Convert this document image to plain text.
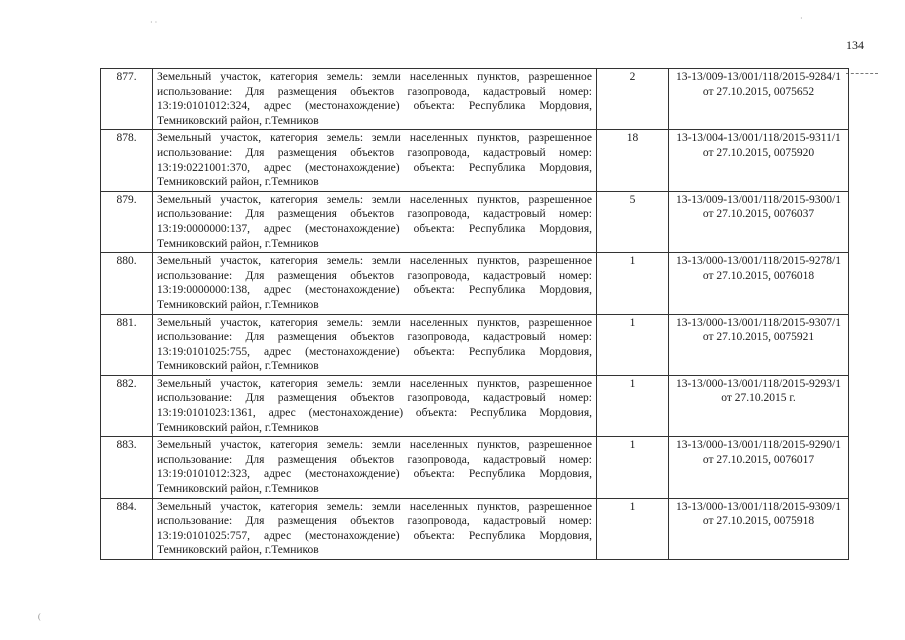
134
· ·	·
(
877.	Земельный участок, категория земель: земли населенных пунктов, разрешенное использование: Для размещения объектов газопровода, кадастровый номер: 13:19:0101012:324, адрес (местонахождение) объекта: Республика Мордовия, Темниковский район, г.Темников	2	13-13/009-13/001/118/2015-9284/1 от 27.10.2015, 0075652
878.	Земельный участок, категория земель: земли населенных пунктов, разрешенное использование: Для размещения объектов газопровода, кадастровый номер: 13:19:0221001:370, адрес (местонахождение) объекта: Республика Мордовия, Темниковский район, г.Темников	18	13-13/004-13/001/118/2015-9311/1 от 27.10.2015, 0075920
879.	Земельный участок, категория земель: земли населенных пунктов, разрешенное использование: Для размещения объектов газопровода, кадастровый номер: 13:19:0000000:137, адрес (местонахождение) объекта: Республика Мордовия, Темниковский район, г.Темников	5	13-13/009-13/001/118/2015-9300/1 от 27.10.2015, 0076037
880.	Земельный участок, категория земель: земли населенных пунктов, разрешенное использование: Для размещения объектов газопровода, кадастровый номер: 13:19:0000000:138, адрес (местонахождение) объекта: Республика Мордовия, Темниковский район, г.Темников	1	13-13/000-13/001/118/2015-9278/1 от 27.10.2015, 0076018
881.	Земельный участок, категория земель: земли населенных пунктов, разрешенное использование: Для размещения объектов газопровода, кадастровый номер: 13:19:0101025:755, адрес (местонахождение) объекта: Республика Мордовия, Темниковский район, г.Темников	1	13-13/000-13/001/118/2015-9307/1 от 27.10.2015, 0075921
882.	Земельный участок, категория земель: земли населенных пунктов, разрешенное использование: Для размещения объектов газопровода, кадастровый номер: 13:19:0101023:1361, адрес (местонахождение) объекта: Республика Мордовия, Темниковский район, г.Темников	1	13-13/000-13/001/118/2015-9293/1 от 27.10.2015 г.
883.	Земельный участок, категория земель: земли населенных пунктов, разрешенное использование: Для размещения объектов газопровода, кадастровый номер: 13:19:0101012:323, адрес (местонахождение) объекта: Республика Мордовия, Темниковский район, г.Темников	1	13-13/000-13/001/118/2015-9290/1 от 27.10.2015, 0076017
884.	Земельный участок, категория земель: земли населенных пунктов, разрешенное использование: Для размещения объектов газопровода, кадастровый номер: 13:19:0101025:757, адрес (местонахождение) объекта: Республика Мордовия, Темниковский район, г.Темников	1	13-13/000-13/001/118/2015-9309/1 от 27.10.2015, 0075918
